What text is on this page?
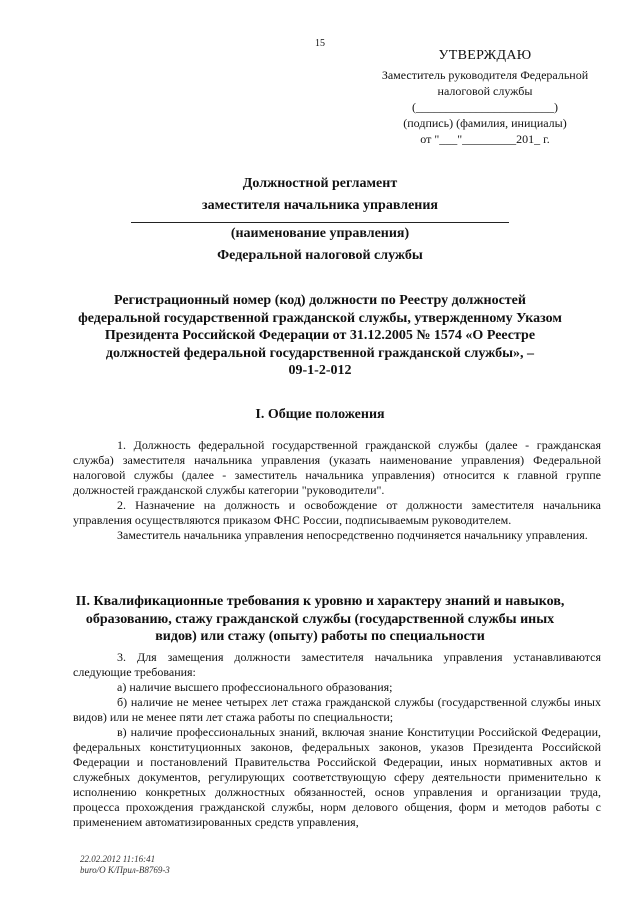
15
УТВЕРЖДАЮ
Заместитель руководителя Федеральной
налоговой службы
(_______________________)
(подпись) (фамилия, инициалы)
от "___"_________201_ г.
Должностной регламент
заместителя начальника управления
(наименование управления)
Федеральной налоговой службы
Регистрационный номер (код) должности по Реестру должностей
федеральной государственной гражданской службы, утвержденному Указом
Президента Российской Федерации от 31.12.2005 № 1574 «О Реестре
должностей федеральной государственной гражданской службы», –
09-1-2-012
I. Общие положения

1. Должность федеральной государственной гражданской службы (далее - гражданская служба) заместителя начальника управления (указать наименование управления) Федеральной налоговой службы (далее - заместитель начальника управления) относится к главной группе должностей гражданской службы категории "руководители".

2. Назначение на должность и освобождение от должности заместителя начальника управления осуществляются приказом ФНС России, подписываемым руководителем.

Заместитель начальника управления непосредственно подчиняется начальнику управления.

II. Квалификационные требования к уровню и характеру знаний и навыков,
образованию, стажу гражданской службы (государственной службы иных
видов) или стажу (опыту) работы по специальности

3. Для замещения должности заместителя начальника управления устанавливаются следующие требования:

а) наличие высшего профессионального образования;

б) наличие не менее четырех лет стажа гражданской службы (государственной службы иных видов) или не менее пяти лет стажа работы по специальности;

в) наличие профессиональных знаний, включая знание Конституции Российской Федерации, федеральных конституционных законов, федеральных законов, указов Президента Российской Федерации и постановлений Правительства Российской Федерации, иных нормативных актов и служебных документов, регулирующих соответствующую сферу деятельности применительно к исполнению конкретных должностных обязанностей, основ управления и организации труда, процесса прохождения гражданской службы, норм делового общения, форм и методов работы с применением автоматизированных средств управления,

22.02.2012 11:16:41
buro/О К/Прил-В8769-3
